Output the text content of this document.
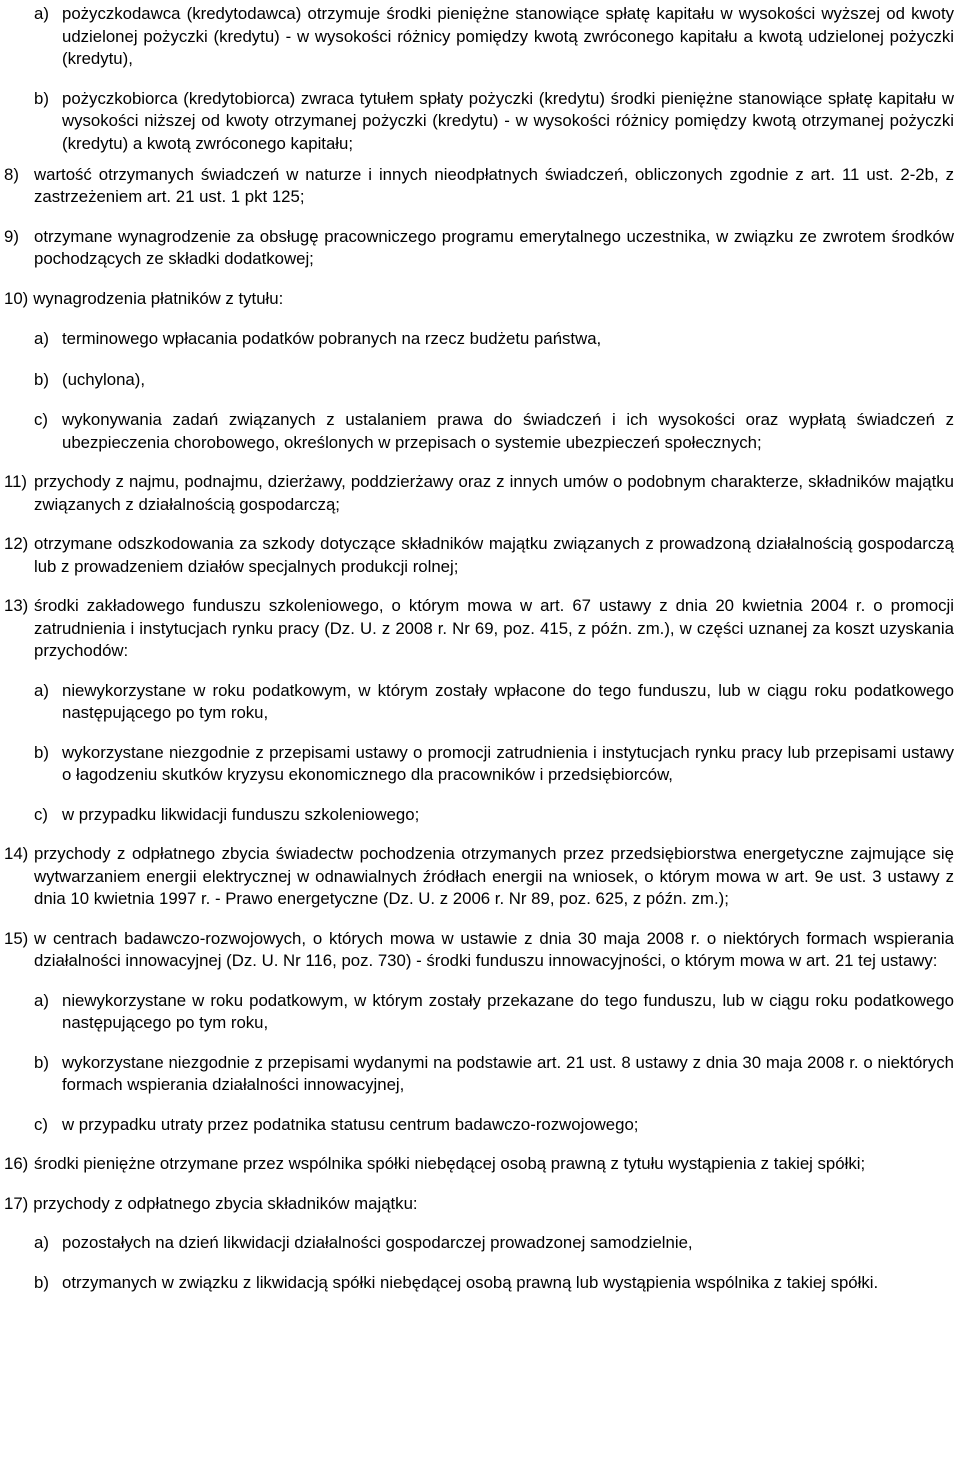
a) pożyczkodawca (kredytodawca) otrzymuje środki pieniężne stanowiące spłatę kapitału w wysokości wyższej od kwoty udzielonej pożyczki (kredytu) - w wysokości różnicy pomiędzy kwotą zwróconego kapitału a kwotą udzielonej pożyczki (kredytu),
b) pożyczkobiorca (kredytobiorca) zwraca tytułem spłaty pożyczki (kredytu) środki pieniężne stanowiące spłatę kapitału w wysokości niższej od kwoty otrzymanej pożyczki (kredytu) - w wysokości różnicy pomiędzy kwotą otrzymanej pożyczki (kredytu) a kwotą zwróconego kapitału;
8) wartość otrzymanych świadczeń w naturze i innych nieodpłatnych świadczeń, obliczonych zgodnie z art. 11 ust. 2-2b, z zastrzeżeniem art. 21 ust. 1 pkt 125;
9) otrzymane wynagrodzenie za obsługę pracowniczego programu emerytalnego uczestnika, w związku ze zwrotem środków pochodzących ze składki dodatkowej;
10) wynagrodzenia płatników z tytułu:
a) terminowego wpłacania podatków pobranych na rzecz budżetu państwa,
b) (uchylona),
c) wykonywania zadań związanych z ustalaniem prawa do świadczeń i ich wysokości oraz wypłatą świadczeń z ubezpieczenia chorobowego, określonych w przepisach o systemie ubezpieczeń społecznych;
11) przychody z najmu, podnajmu, dzierżawy, poddzierżawy oraz z innych umów o podobnym charakterze, składników majątku związanych z działalnością gospodarczą;
12) otrzymane odszkodowania za szkody dotyczące składników majątku związanych z prowadzoną działalnością gospodarczą lub z prowadzeniem działów specjalnych produkcji rolnej;
13) środki zakładowego funduszu szkoleniowego, o którym mowa w art. 67 ustawy z dnia 20 kwietnia 2004 r. o promocji zatrudnienia i instytucjach rynku pracy (Dz. U. z 2008 r. Nr 69, poz. 415, z późn. zm.), w części uznanej za koszt uzyskania przychodów:
a) niewykorzystane w roku podatkowym, w którym zostały wpłacone do tego funduszu, lub w ciągu roku podatkowego następującego po tym roku,
b) wykorzystane niezgodnie z przepisami ustawy o promocji zatrudnienia i instytucjach rynku pracy lub przepisami ustawy o łagodzeniu skutków kryzysu ekonomicznego dla pracowników i przedsiębiorców,
c) w przypadku likwidacji funduszu szkoleniowego;
14) przychody z odpłatnego zbycia świadectw pochodzenia otrzymanych przez przedsiębiorstwa energetyczne zajmujące się wytwarzaniem energii elektrycznej w odnawialnych źródłach energii na wniosek, o którym mowa w art. 9e ust. 3 ustawy z dnia 10 kwietnia 1997 r. - Prawo energetyczne (Dz. U. z 2006 r. Nr 89, poz. 625, z późn. zm.);
15) w centrach badawczo-rozwojowych, o których mowa w ustawie z dnia 30 maja 2008 r. o niektórych formach wspierania działalności innowacyjnej (Dz. U. Nr 116, poz. 730) - środki funduszu innowacyjności, o którym mowa w art. 21 tej ustawy:
a) niewykorzystane w roku podatkowym, w którym zostały przekazane do tego funduszu, lub w ciągu roku podatkowego następującego po tym roku,
b) wykorzystane niezgodnie z przepisami wydanymi na podstawie art. 21 ust. 8 ustawy z dnia 30 maja 2008 r. o niektórych formach wspierania działalności innowacyjnej,
c) w przypadku utraty przez podatnika statusu centrum badawczo-rozwojowego;
16) środki pieniężne otrzymane przez wspólnika spółki niebędącej osobą prawną z tytułu wystąpienia z takiej spółki;
17) przychody z odpłatnego zbycia składników majątku:
a) pozostałych na dzień likwidacji działalności gospodarczej prowadzonej samodzielnie,
b) otrzymanych w związku z likwidacją spółki niebędącej osobą prawną lub wystąpienia wspólnika z takiej spółki.
